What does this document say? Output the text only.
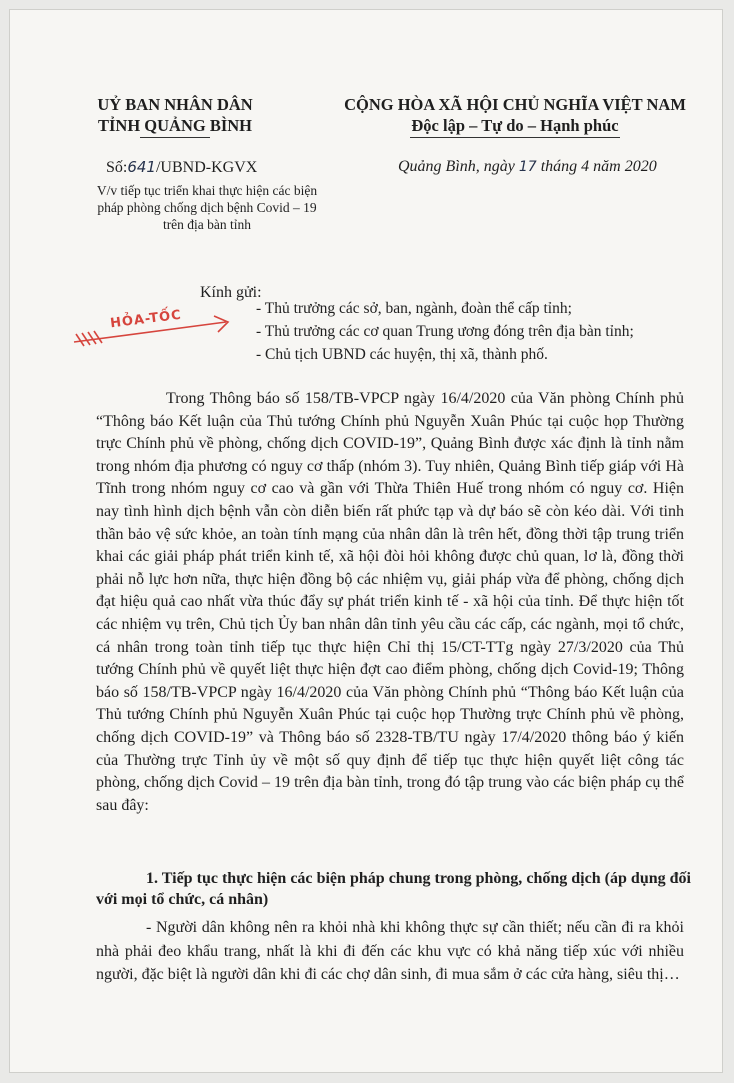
UỶ BAN NHÂN DÂN
TỈNH QUẢNG BÌNH
CỘNG HÒA XÃ HỘI CHỦ NGHĨA VIỆT NAM
Độc lập – Tự do – Hạnh phúc
Số:641/UBND-KGVX	Quảng Bình, ngày 17 tháng 4 năm 2020
V/v tiếp tục triển khai thực hiện các biện
pháp phòng chống dịch bệnh Covid – 19
trên địa bàn tỉnh
Kính gửi:
HỎA-TỐC	- Thủ trưởng các sở, ban, ngành, đoàn thể cấp tỉnh;
- Thủ trưởng các cơ quan Trung ương đóng trên địa bàn tỉnh;
- Chủ tịch UBND các huyện, thị xã, thành phố.

Trong Thông báo số 158/TB-VPCP ngày 16/4/2020 của Văn phòng Chính phủ “Thông báo Kết luận của Thủ tướng Chính phủ Nguyễn Xuân Phúc tại cuộc họp Thường trực Chính phủ về phòng, chống dịch COVID-19”, Quảng Bình được xác định là tỉnh nằm trong nhóm địa phương có nguy cơ thấp (nhóm 3). Tuy nhiên, Quảng Bình tiếp giáp với Hà Tĩnh trong nhóm nguy cơ cao và gần với Thừa Thiên Huế trong nhóm có nguy cơ. Hiện nay tình hình dịch bệnh vẫn còn diễn biến rất phức tạp và dự báo sẽ còn kéo dài. Với tinh thần bảo vệ sức khỏe, an toàn tính mạng của nhân dân là trên hết, đồng thời tập trung triển khai các giải pháp phát triển kinh tế, xã hội đòi hỏi không được chủ quan, lơ là, đồng thời phải nỗ lực hơn nữa, thực hiện đồng bộ các nhiệm vụ, giải pháp vừa để phòng, chống dịch đạt hiệu quả cao nhất vừa thúc đẩy sự phát triển kinh tế - xã hội của tỉnh. Để thực hiện tốt các nhiệm vụ trên, Chủ tịch Ủy ban nhân dân tỉnh yêu cầu các cấp, các ngành, mọi tổ chức, cá nhân trong toàn tỉnh tiếp tục thực hiện Chỉ thị 15/CT-TTg ngày 27/3/2020 của Thủ tướng Chính phủ về quyết liệt thực hiện đợt cao điểm phòng, chống dịch Covid-19; Thông báo số 158/TB-VPCP ngày 16/4/2020 của Văn phòng Chính phủ “Thông báo Kết luận của Thủ tướng Chính phủ Nguyễn Xuân Phúc tại cuộc họp Thường trực Chính phủ về phòng, chống dịch COVID-19” và Thông báo số 2328-TB/TU ngày 17/4/2020 thông báo ý kiến của Thường trực Tỉnh ủy về một số quy định để tiếp tục thực hiện quyết liệt công tác phòng, chống dịch Covid – 19 trên địa bàn tỉnh, trong đó tập trung vào các biện pháp cụ thể sau đây:

1. Tiếp tục thực hiện các biện pháp chung trong phòng, chống dịch (áp dụng đối với mọi tổ chức, cá nhân)
- Người dân không nên ra khỏi nhà khi không thực sự cần thiết; nếu cần đi ra khỏi nhà phải đeo khẩu trang, nhất là khi đi đến các khu vực có khả năng tiếp xúc với nhiều người, đặc biệt là người dân khi đi các chợ dân sinh, đi mua sắm ở các cửa hàng, siêu thị…
